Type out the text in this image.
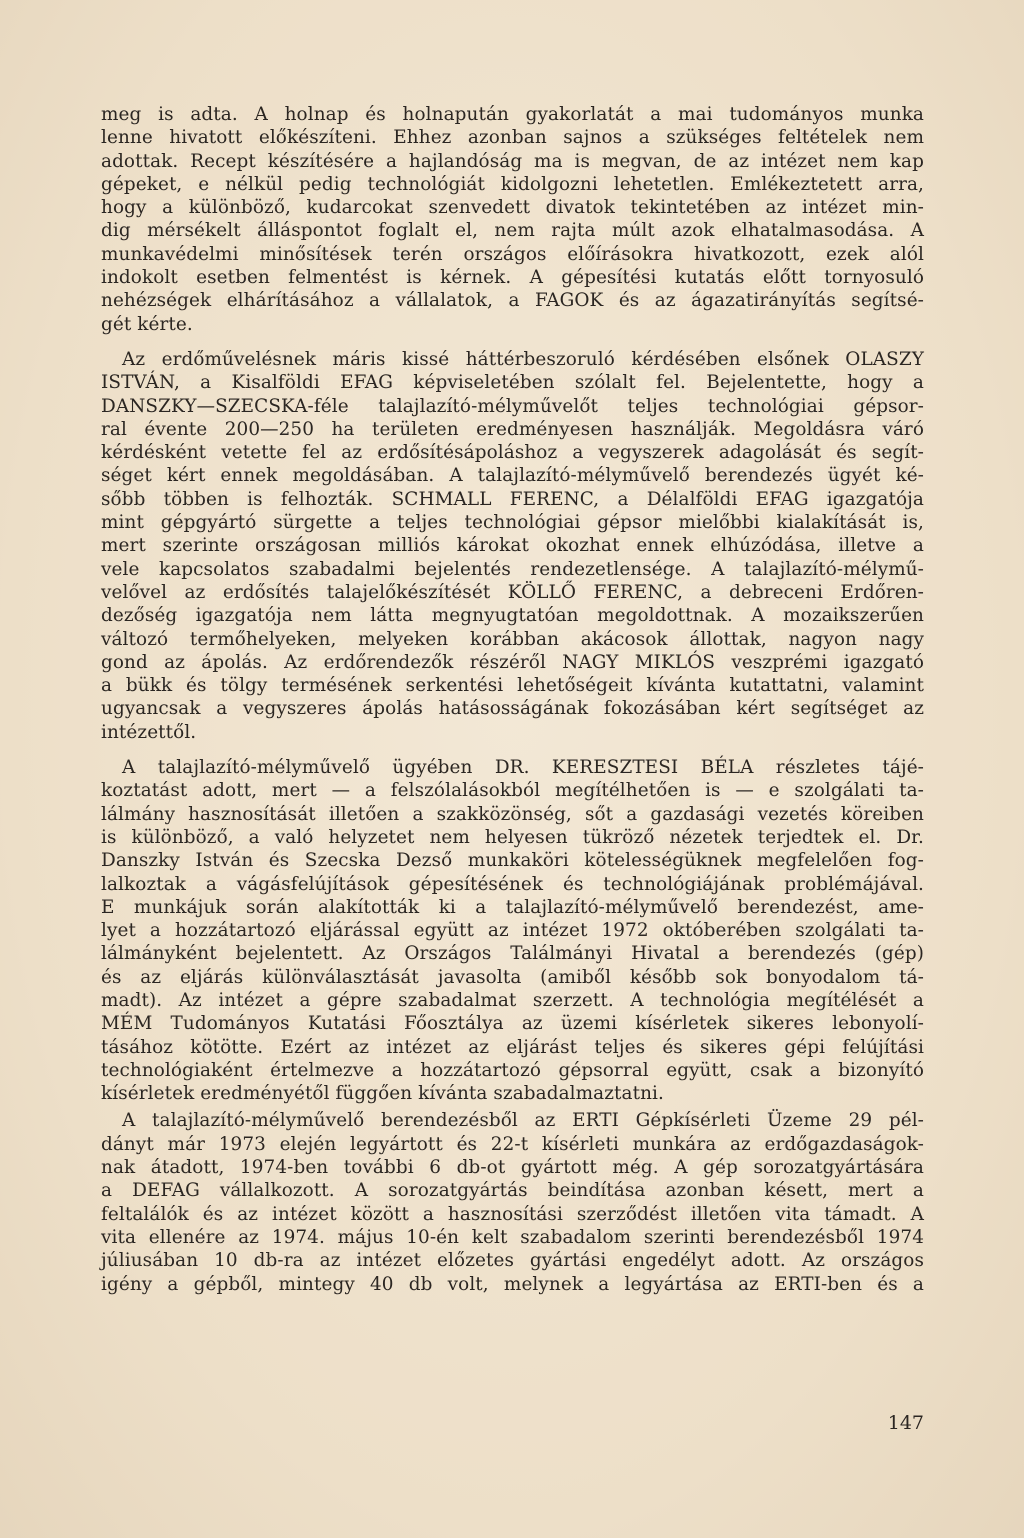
meg is adta. A holnap és holnapután gyakorlatát a mai tudományos munka
lenne hivatott előkészíteni. Ehhez azonban sajnos a szükséges feltételek nem
adottak. Recept készítésére a hajlandóság ma is megvan, de az intézet nem kap
gépeket, e nélkül pedig technológiát kidolgozni lehetetlen. Emlékeztetett arra,
hogy a különböző, kudarcokat szenvedett divatok tekintetében az intézet min-
dig mérsékelt álláspontot foglalt el, nem rajta múlt azok elhatalmasodása. A
munkavédelmi minősítések terén országos előírásokra hivatkozott, ezek alól
indokolt esetben felmentést is kérnek. A gépesítési kutatás előtt tornyosuló
nehézségek elhárításához a vállalatok, a FAGOK és az ágazatirányítás segítsé-
gét kérte.
Az erdőművelésnek máris kissé háttérbeszoruló kérdésében elsőnek OLASZY
ISTVÁN, a Kisalföldi EFAG képviseletében szólalt fel. Bejelentette, hogy a
DANSZKY—SZECSKA-féle talajlazító-mélyművelőt teljes technológiai gépsor-
ral évente 200—250 ha területen eredményesen használják. Megoldásra váró
kérdésként vetette fel az erdősítésápoláshoz a vegyszerek adagolását és segít-
séget kért ennek megoldásában. A talajlazító-mélyművelő berendezés ügyét ké-
sőbb többen is felhozták. SCHMALL FERENC, a Délalföldi EFAG igazgatója
mint gépgyártó sürgette a teljes technológiai gépsor mielőbbi kialakítását is,
mert szerinte országosan milliós károkat okozhat ennek elhúzódása, illetve a
vele kapcsolatos szabadalmi bejelentés rendezetlensége. A talajlazító-mélymű-
velővel az erdősítés talajelőkészítését KÖLLŐ FERENC, a debreceni Erdőren-
dezőség igazgatója nem látta megnyugtatóan megoldottnak. A mozaikszerűen
változó termőhelyeken, melyeken korábban akácosok állottak, nagyon nagy
gond az ápolás. Az erdőrendezők részéről NAGY MIKLÓS veszprémi igazgató
a bükk és tölgy termésének serkentési lehetőségeit kívánta kutattatni, valamint
ugyancsak a vegyszeres ápolás hatásosságának fokozásában kért segítséget az
intézettől.
A talajlazító-mélyművelő ügyében DR. KERESZTESI BÉLA részletes tájé-
koztatást adott, mert — a felszólalásokból megítélhetően is — e szolgálati ta-
lálmány hasznosítását illetően a szakközönség, sőt a gazdasági vezetés köreiben
is különböző, a való helyzetet nem helyesen tükröző nézetek terjedtek el. Dr.
Danszky István és Szecska Dezső munkaköri kötelességüknek megfelelően fog-
lalkoztak a vágásfelújítások gépesítésének és technológiájának problémájával.
E munkájuk során alakították ki a talajlazító-mélyművelő berendezést, ame-
lyet a hozzátartozó eljárással együtt az intézet 1972 októberében szolgálati ta-
lálmányként bejelentett. Az Országos Találmányi Hivatal a berendezés (gép)
és az eljárás különválasztását javasolta (amiből később sok bonyodalom tá-
madt). Az intézet a gépre szabadalmat szerzett. A technológia megítélését a
MÉM Tudományos Kutatási Főosztálya az üzemi kísérletek sikeres lebonyolí-
tásához kötötte. Ezért az intézet az eljárást teljes és sikeres gépi felújítási
technológiaként értelmezve a hozzátartozó gépsorral együtt, csak a bizonyító
kísérletek eredményétől függően kívánta szabadalmaztatni.
A talajlazító-mélyművelő berendezésből az ERTI Gépkísérleti Üzeme 29 pél-
dányt már 1973 elején legyártott és 22-t kísérleti munkára az erdőgazdaságok-
nak átadott, 1974-ben további 6 db-ot gyártott még. A gép sorozatgyártására
a DEFAG vállalkozott. A sorozatgyártás beindítása azonban késett, mert a
feltalálók és az intézet között a hasznosítási szerződést illetően vita támadt. A
vita ellenére az 1974. május 10-én kelt szabadalom szerinti berendezésből 1974
júliusában 10 db-ra az intézet előzetes gyártási engedélyt adott. Az országos
igény a gépből, mintegy 40 db volt, melynek a legyártása az ERTI-ben és a
147
